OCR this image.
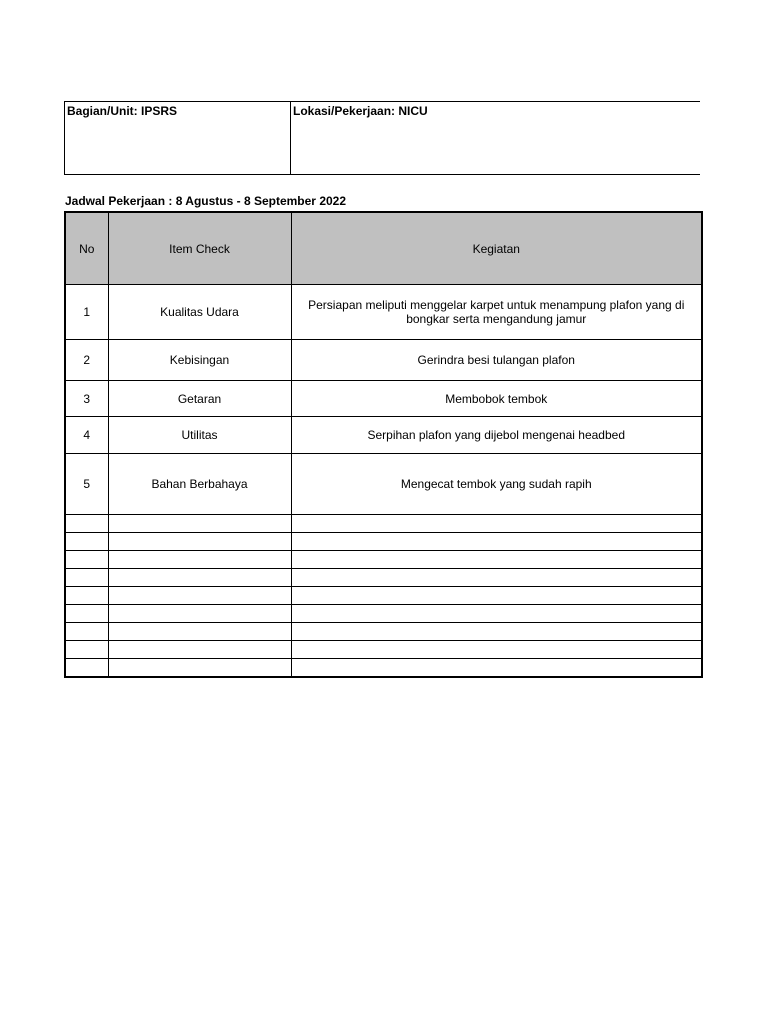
Bagian/Unit: IPSRS	Lokasi/Pekerjaan: NICU
Jadwal Pekerjaan : 8 Agustus - 8 September 2022
No	Item Check	Kegiatan
1	Kualitas Udara	Persiapan meliputi menggelar karpet untuk menampung plafon yang di bongkar serta mengandung jamur
2	Kebisingan	Gerindra besi tulangan plafon
3	Getaran	Membobok tembok
4	Utilitas	Serpihan plafon yang dijebol mengenai headbed
5	Bahan Berbahaya	Mengecat tembok yang sudah rapih
